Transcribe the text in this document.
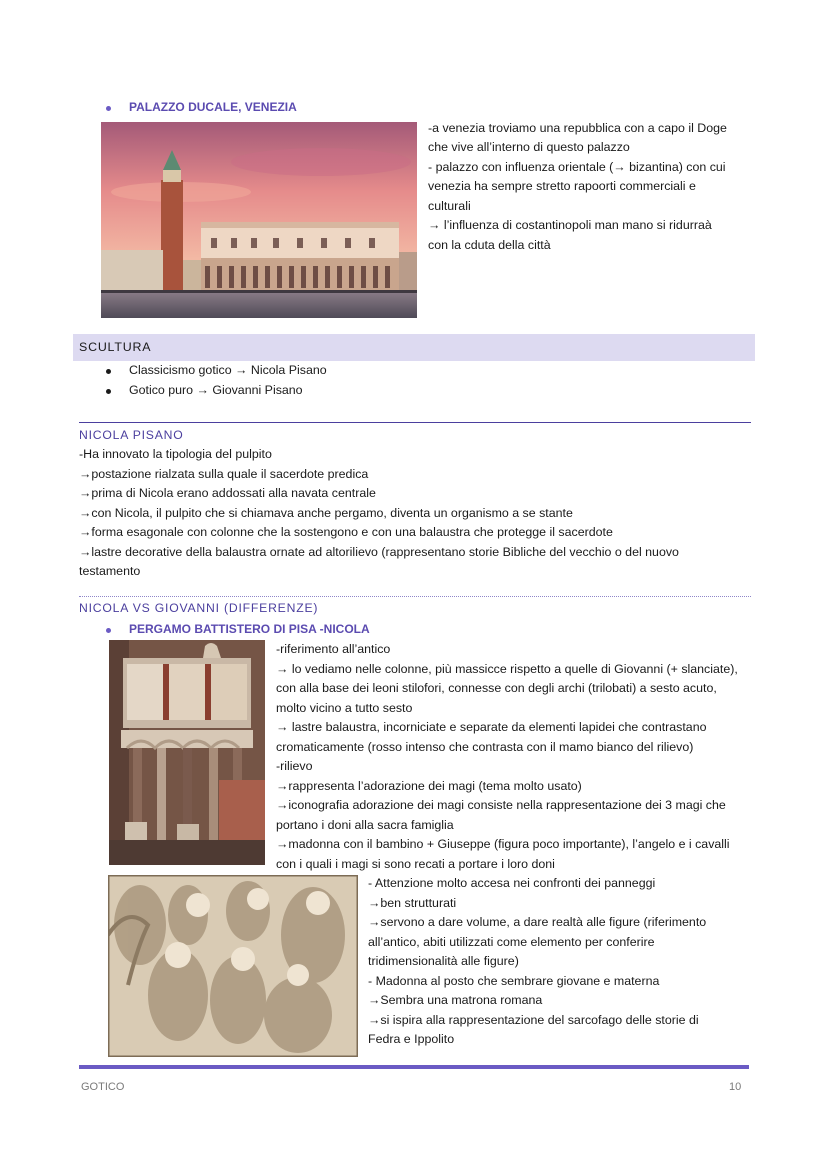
PALAZZO DUCALE, VENEZIA
-a venezia troviamo una repubblica con a capo il Doge
che vive all’interno di questo palazzo
- palazzo con influenza orientale (→ bizantina) con cui
venezia ha sempre stretto rapoorti commerciali e
culturali
→ l’influenza di costantinopoli man mano si ridurraà
con la cduta della città
SCULTURA
Classicismo gotico → Nicola Pisano
Gotico puro → Giovanni Pisano
NICOLA PISANO
-Ha innovato la tipologia del pulpito
→postazione rialzata sulla quale il sacerdote predica
→prima di Nicola erano addossati alla navata centrale
→con Nicola, il pulpito che si chiamava anche pergamo, diventa un organismo a se stante
→forma esagonale con colonne che la sostengono e con una balaustra che protegge il sacerdote
→lastre decorative della balaustra ornate ad altorilievo (rappresentano storie Bibliche del vecchio o del nuovo
testamento
NICOLA VS GIOVANNI (DIFFERENZE)
PERGAMO BATTISTERO DI PISA -NICOLA
-riferimento all’antico
→ lo vediamo nelle colonne, più massicce rispetto a quelle di Giovanni (+ slanciate),
con alla base dei leoni stilofori, connesse con degli archi (trilobati) a sesto acuto,
molto vicino a tutto sesto
→ lastre balaustra, incorniciate e separate da elementi lapidei che contrastano
cromaticamente (rosso intenso che contrasta con il mamo bianco del rilievo)
-rilievo
→rappresenta l’adorazione dei magi (tema molto usato)
→iconografia adorazione dei magi consiste nella rappresentazione dei 3 magi che
portano i doni alla sacra famiglia
→madonna con il bambino + Giuseppe (figura poco importante), l’angelo e i cavalli
con i quali i magi si sono recati a portare i loro doni
- Attenzione molto accesa nei confronti dei panneggi
→ben strutturati
→servono a dare volume, a dare realtà alle figure (riferimento
all’antico, abiti utilizzati come elemento per conferire
tridimensionalità alle figure)
- Madonna al posto che sembrare giovane e materna
→Sembra una matrona romana
→si ispira alla rappresentazione del sarcofago delle storie di
Fedra e Ippolito
GOTICO	10
